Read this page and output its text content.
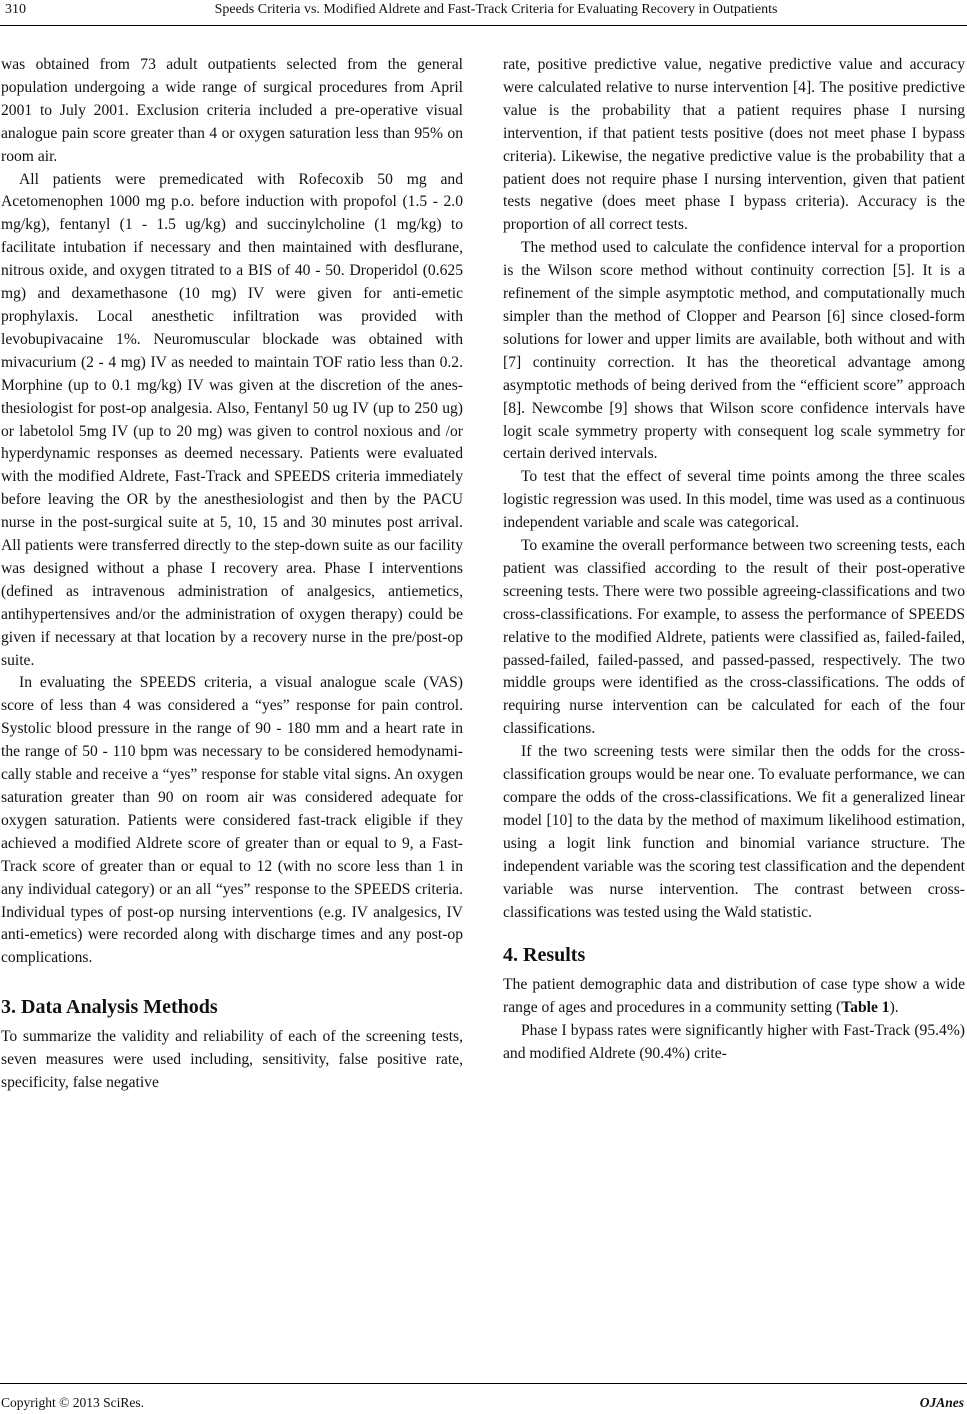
310	Speeds Criteria vs. Modified Aldrete and Fast-Track Criteria for Evaluating Recovery in Outpatients

was obtained from 73 adult outpatients selected from the general population undergoing a wide range of surgical procedures from April 2001 to July 2001. Exclusion criteria included a pre-operative visual analogue pain score greater than 4 or oxygen saturation less than 95% on room air.

All patients were premedicated with Rofecoxib 50 mg and Acetomenophen 1000 mg p.o. before induction with propofol (1.5 - 2.0 mg/kg), fentanyl (1 - 1.5 ug/kg) and succinylcholine (1 mg/kg) to facilitate intubation if necessary and then maintained with desflurane, nitrous oxide, and oxygen titrated to a BIS of 40 - 50. Droperidol (0.625 mg) and dexamethasone (10 mg) IV were given for anti-emetic prophylaxis. Local anesthetic infiltration was provided with levobupivacaine 1%. Neuromuscular blockade was obtained with mivacurium (2 - 4 mg) IV as needed to maintain TOF ratio less than 0.2. Morphine (up to 0.1 mg/kg) IV was given at the discretion of the anesthesiologist for post-op analgesia. Also, Fentanyl 50 ug IV (up to 250 ug) or labetolol 5mg IV (up to 20 mg) was given to control noxious and /or hyperdynamic responses as deemed necessary. Patients were evaluated with the modified Aldrete, Fast-Track and SPEEDS criteria immediately before leaving the OR by the anesthesiologist and then by the PACU nurse in the post-surgical suite at 5, 10, 15 and 30 minutes post arrival. All patients were transferred directly to the step-down suite as our facility was designed without a phase I recovery area. Phase I interventions (defined as intravenous administration of analgesics, antiemetics, antihypertensives and/or the administration of oxygen therapy) could be given if necessary at that location by a recovery nurse in the pre/post-op suite.

In evaluating the SPEEDS criteria, a visual analogue scale (VAS) score of less than 4 was considered a “yes” response for pain control. Systolic blood pressure in the range of 90 - 180 mm and a heart rate in the range of 50 - 110 bpm was necessary to be considered hemodynamically stable and receive a “yes” response for stable vital signs. An oxygen saturation greater than 90 on room air was considered adequate for oxygen saturation. Patients were considered fast-track eligible if they achieved a modified Aldrete score of greater than or equal to 9, a Fast-Track score of greater than or equal to 12 (with no score less than 1 in any individual category) or an all “yes” response to the SPEEDS criteria. Individual types of post-op nursing interventions (e.g. IV analgesics, IV anti-emetics) were recorded along with discharge times and any post-op complications.

3. Data Analysis Methods

To summarize the validity and reliability of each of the screening tests, seven measures were used including, sensitivity, false positive rate, specificity, false negative

rate, positive predictive value, negative predictive value and accuracy were calculated relative to nurse intervention [4]. The positive predictive value is the probability that a patient requires phase I nursing intervention, if that patient tests positive (does not meet phase I bypass criteria). Likewise, the negative predictive value is the probability that a patient does not require phase I nursing intervention, given that patient tests negative (does meet phase I bypass criteria). Accuracy is the proportion of all correct tests.

The method used to calculate the confidence interval for a proportion is the Wilson score method without continuity correction [5]. It is a refinement of the simple asymptotic method, and computationally much simpler than the method of Clopper and Pearson [6] since closed-form solutions for lower and upper limits are available, both without and with [7] continuity correction. It has the theoretical advantage among asymptotic methods of being derived from the “efficient score” approach [8]. Newcombe [9] shows that Wilson score confidence intervals have logit scale symmetry property with consequent log scale symmetry for certain derived intervals.

To test that the effect of several time points among the three scales logistic regression was used. In this model, time was used as a continuous independent variable and scale was categorical.

To examine the overall performance between two screening tests, each patient was classified according to the result of their post-operative screening tests. There were two possible agreeing-classifications and two cross-classifications. For example, to assess the performance of SPEEDS relative to the modified Aldrete, patients were classified as, failed-failed, passed-failed, failed-passed, and passed-passed, respectively. The two middle groups were identified as the cross-classifications. The odds of requiring nurse intervention can be calculated for each of the four classifications.

If the two screening tests were similar then the odds for the cross-classification groups would be near one. To evaluate performance, we can compare the odds of the cross-classifications. We fit a generalized linear model [10] to the data by the method of maximum likelihood estimation, using a logit link function and binomial variance structure. The independent variable was the scoring test classification and the dependent variable was nurse intervention. The contrast between cross-classifications was tested using the Wald statistic.

4. Results

The patient demographic data and distribution of case type show a wide range of ages and procedures in a community setting (Table 1).

Phase I bypass rates were significantly higher with Fast-Track (95.4%) and modified Aldrete (90.4%) crite-

Copyright © 2013 SciRes.	OJAnes
